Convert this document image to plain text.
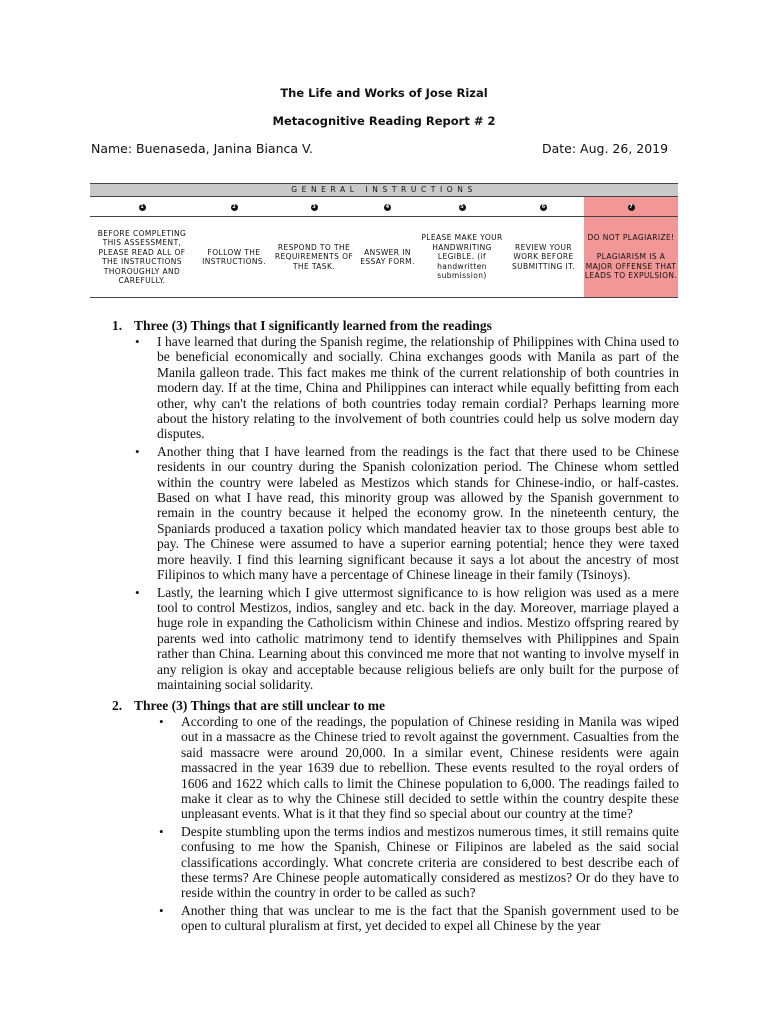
The Life and Works of Jose Rizal
Metacognitive Reading Report # 2
Name: Buenaseda, Janina Bianca V.	Date: Aug. 26, 2019
GENERAL INSTRUCTIONS						
1	2	3	4	5	6	7
BEFORE COMPLETING THIS ASSESSMENT, PLEASE READ ALL OF THE INSTRUCTIONS THOROUGHLY AND CAREFULLY.	FOLLOW THE INSTRUCTIONS.	RESPOND TO THE REQUIREMENTS OF THE TASK.	ANSWER IN ESSAY FORM.	PLEASE MAKE YOUR HANDWRITING LEGIBLE. (if handwritten submission)	REVIEW YOUR WORK BEFORE SUBMITTING IT.	DO NOT PLAGIARIZE!
PLAGIARISM IS A MAJOR OFFENSE THAT LEADS TO EXPULSION.
1. Three (3) Things that I significantly learned from the readings
• I have learned that during the Spanish regime, the relationship of Philippines with China used to be beneficial economically and socially. China exchanges goods with Manila as part of the Manila galleon trade. This fact makes me think of the current relationship of both countries in modern day. If at the time, China and Philippines can interact while equally befitting from each other, why can't the relations of both countries today remain cordial? Perhaps learning more about the history relating to the involvement of both countries could help us solve modern day disputes.
• Another thing that I have learned from the readings is the fact that there used to be Chinese residents in our country during the Spanish colonization period. The Chinese whom settled within the country were labeled as Mestizos which stands for Chinese-indio, or half-castes. Based on what I have read, this minority group was allowed by the Spanish government to remain in the country because it helped the economy grow. In the nineteenth century, the Spaniards produced a taxation policy which mandated heavier tax to those groups best able to pay. The Chinese were assumed to have a superior earning potential; hence they were taxed more heavily. I find this learning significant because it says a lot about the ancestry of most Filipinos to which many have a percentage of Chinese lineage in their family (Tsinoys).
• Lastly, the learning which I give uttermost significance to is how religion was used as a mere tool to control Mestizos, indios, sangley and etc. back in the day. Moreover, marriage played a huge role in expanding the Catholicism within Chinese and indios. Mestizo offspring reared by parents wed into catholic matrimony tend to identify themselves with Philippines and Spain rather than China. Learning about this convinced me more that not wanting to involve myself in any religion is okay and acceptable because religious beliefs are only built for the purpose of maintaining social solidarity.
2. Three (3) Things that are still unclear to me
• According to one of the readings, the population of Chinese residing in Manila was wiped out in a massacre as the Chinese tried to revolt against the government. Casualties from the said massacre were around 20,000. In a similar event, Chinese residents were again massacred in the year 1639 due to rebellion. These events resulted to the royal orders of 1606 and 1622 which calls to limit the Chinese population to 6,000. The readings failed to make it clear as to why the Chinese still decided to settle within the country despite these unpleasant events. What is it that they find so special about our country at the time?
• Despite stumbling upon the terms indios and mestizos numerous times, it still remains quite confusing to me how the Spanish, Chinese or Filipinos are labeled as the said social classifications accordingly. What concrete criteria are considered to best describe each of these terms? Are Chinese people automatically considered as mestizos? Or do they have to reside within the country in order to be called as such?
• Another thing that was unclear to me is the fact that the Spanish government used to be open to cultural pluralism at first, yet decided to expel all Chinese by the year
